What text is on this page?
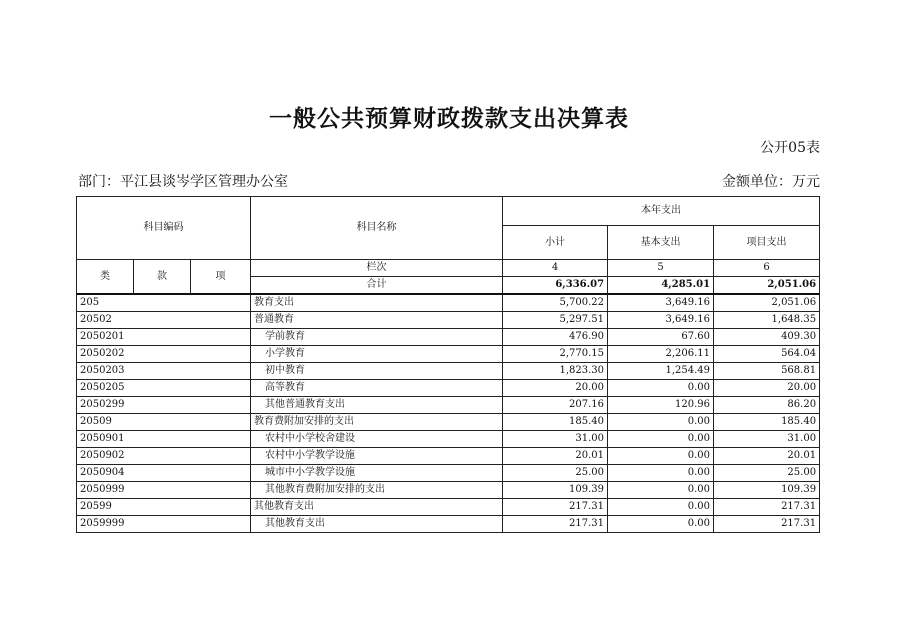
一般公共预算财政拨款支出决算表
公开05表
部门：平江县谈岑学区管理办公室	金额单位：万元
科目编码			科目名称	本年支出		
				小计	基本支出	项目支出
类	款	项	栏次	4	5	6
			合计	6,336.07	4,285.01	2,051.06
205			教育支出	5,700.22	3,649.16	2,051.06
20502			普通教育	5,297.51	3,649.16	1,648.35
2050201			学前教育	476.90	67.60	409.30
2050202			小学教育	2,770.15	2,206.11	564.04
2050203			初中教育	1,823.30	1,254.49	568.81
2050205			高等教育	20.00	0.00	20.00
2050299			其他普通教育支出	207.16	120.96	86.20
20509			教育费附加安排的支出	185.40	0.00	185.40
2050901			农村中小学校舍建设	31.00	0.00	31.00
2050902			农村中小学教学设施	20.01	0.00	20.01
2050904			城市中小学教学设施	25.00	0.00	25.00
2050999			其他教育费附加安排的支出	109.39	0.00	109.39
20599			其他教育支出	217.31	0.00	217.31
2059999			其他教育支出	217.31	0.00	217.31
